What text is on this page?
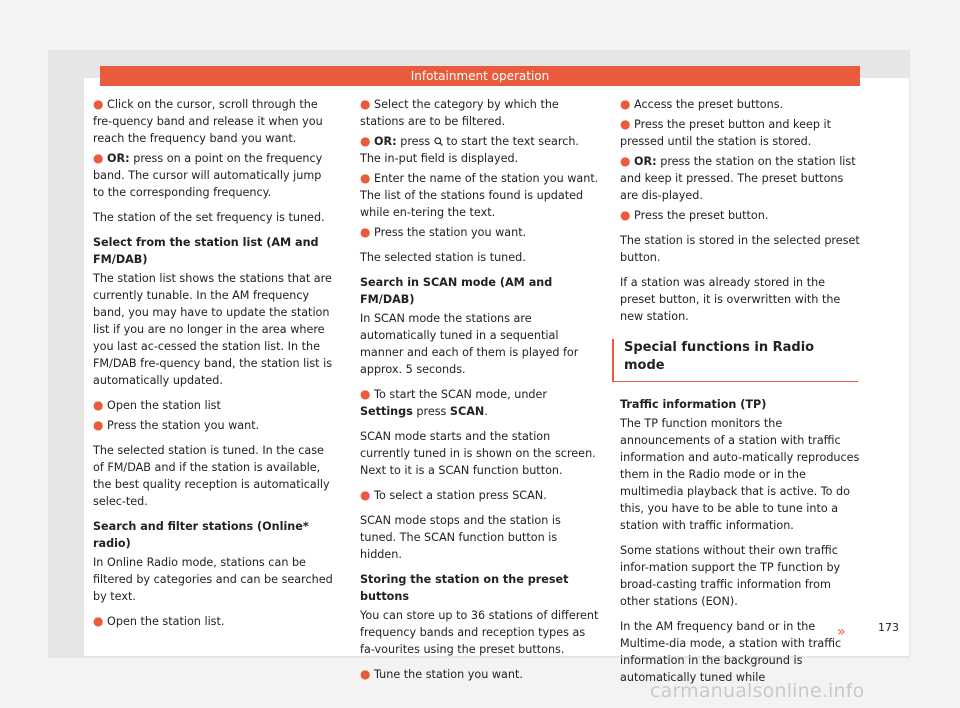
Infotainment operation

● Click on the cursor, scroll through the fre-quency band and release it when you reach the frequency band you want.

● OR: press on a point on the frequency band. The cursor will automatically jump to the corresponding frequency.

The station of the set frequency is tuned.

Select from the station list (AM and FM/DAB)

The station list shows the stations that are currently tunable. In the AM frequency band, you may have to update the station list if you are no longer in the area where you last ac-cessed the station list. In the FM/DAB fre-quency band, the station list is automatically updated.

● Open the station list

● Press the station you want.

The selected station is tuned. In the case of FM/DAB and if the station is available, the best quality reception is automatically selec-ted.

Search and filter stations (Online* radio)

In Online Radio mode, stations can be filtered by categories and can be searched by text.

● Open the station list.

● Select the category by which the stations are to be filtered.

● OR: press  to start the text search. The in-put field is displayed.

● Enter the name of the station you want. The list of the stations found is updated while en-tering the text.

● Press the station you want.

The selected station is tuned.

Search in SCAN mode (AM and FM/DAB)

In SCAN mode the stations are automatically tuned in a sequential manner and each of them is played for approx. 5 seconds.

● To start the SCAN mode, under Settings press SCAN.

SCAN mode starts and the station currently tuned in is shown on the screen. Next to it is a SCAN function button.

● To select a station press SCAN.

SCAN mode stops and the station is tuned. The SCAN function button is hidden.

Storing the station on the preset buttons

You can store up to 36 stations of different frequency bands and reception types as fa-vourites using the preset buttons.

● Tune the station you want.

● Access the preset buttons.

● Press the preset button and keep it pressed until the station is stored.

● OR: press the station on the station list and keep it pressed. The preset buttons are dis-played.

● Press the preset button.

The station is stored in the selected preset button.

If a station was already stored in the preset button, it is overwritten with the new station.

Special functions in Radio mode

Traffic information (TP)

The TP function monitors the announcements of a station with traffic information and auto-matically reproduces them in the Radio mode or in the multimedia playback that is active. To do this, you have to be able to tune into a station with traffic information.

Some stations without their own traffic infor-mation support the TP function by broad-casting traffic information from other stations (EON).

In the AM frequency band or in the Multime-dia mode, a station with traffic information in the background is automatically tuned while

»	173
carmanualsonline.info
